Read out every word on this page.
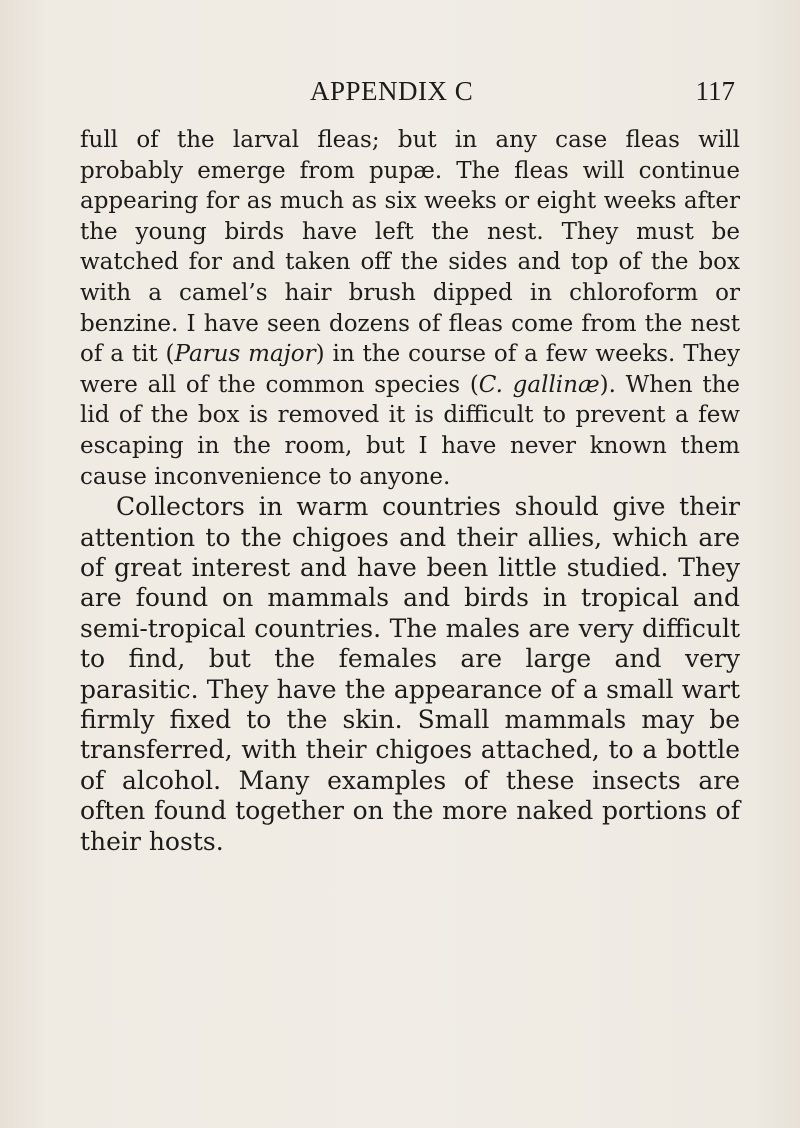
APPENDIX C	117

full of the larval fleas; but in any case fleas will probably emerge from pupæ. The fleas will continue appearing for as much as six weeks or eight weeks after the young birds have left the nest. They must be watched for and taken off the sides and top of the box with a camel’s hair brush dipped in chloroform or benzine. I have seen dozens of fleas come from the nest of a tit (Parus major) in the course of a few weeks. They were all of the common species (C. gallinæ). When the lid of the box is removed it is difficult to prevent a few escaping in the room, but I have never known them cause inconvenience to anyone.

Collectors in warm countries should give their attention to the chigoes and their allies, which are of great interest and have been little studied. They are found on mammals and birds in tropical and semi-tropical countries. The males are very difficult to find, but the females are large and very parasitic. They have the appearance of a small wart firmly fixed to the skin. Small mammals may be transferred, with their chigoes attached, to a bottle of alcohol. Many examples of these insects are often found together on the more naked portions of their hosts.
